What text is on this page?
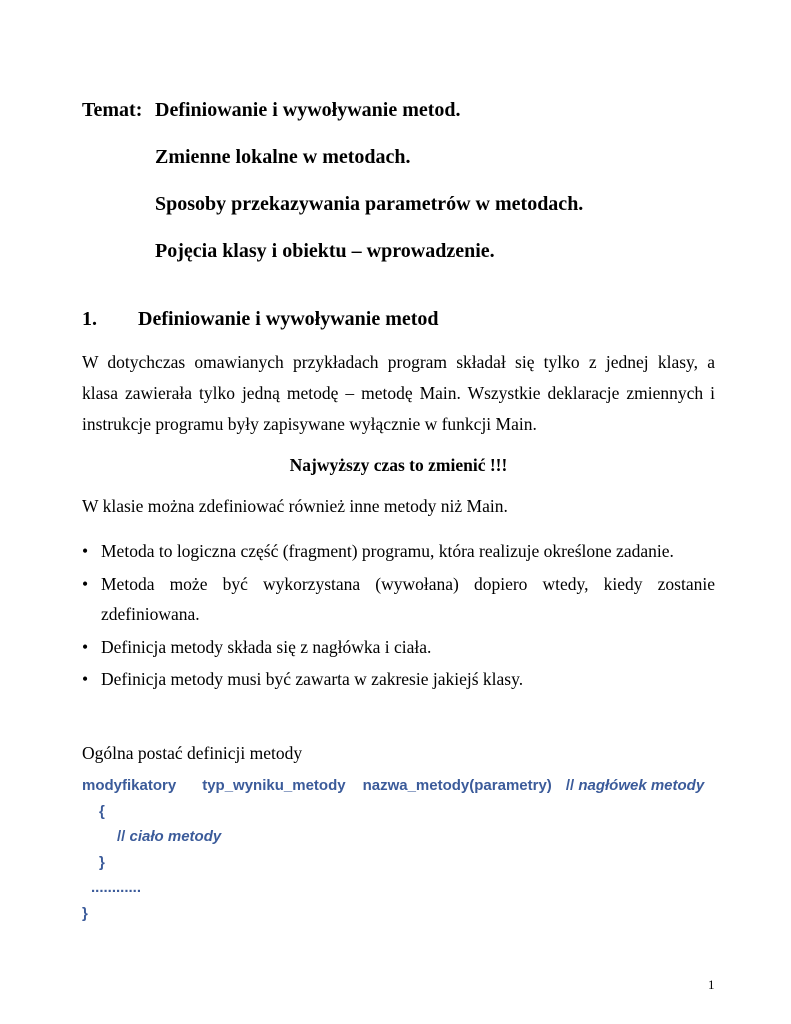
Temat: Definiowanie i wywoływanie metod.
Zmienne lokalne w metodach.
Sposoby przekazywania parametrów w metodach.
Pojęcia klasy i obiektu – wprowadzenie.
1. Definiowanie i wywoływanie metod
W dotychczas omawianych przykładach program składał się tylko z jednej klasy, a
klasa zawierała tylko jedną metodę – metodę Main. Wszystkie deklaracje zmiennych i
instrukcje programu były zapisywane wyłącznie w funkcji Main.
Najwyższy czas to zmienić !!!
W klasie można zdefiniować również inne metody niż Main.
• Metoda to logiczna część (fragment) programu, która realizuje określone zadanie.
• Metoda może być wykorzystana (wywołana) dopiero wtedy, kiedy zostanie zdefiniowana.
• Definicja metody składa się z nagłówka i ciała.
• Definicja metody musi być zawarta w zakresie jakiejś klasy.
Ogólna postać definicji metody
modyfikatory typ_wyniku_metody nazwa_metody(parametry) // nagłówek metody
{
// ciało metody
}
............
}
1
